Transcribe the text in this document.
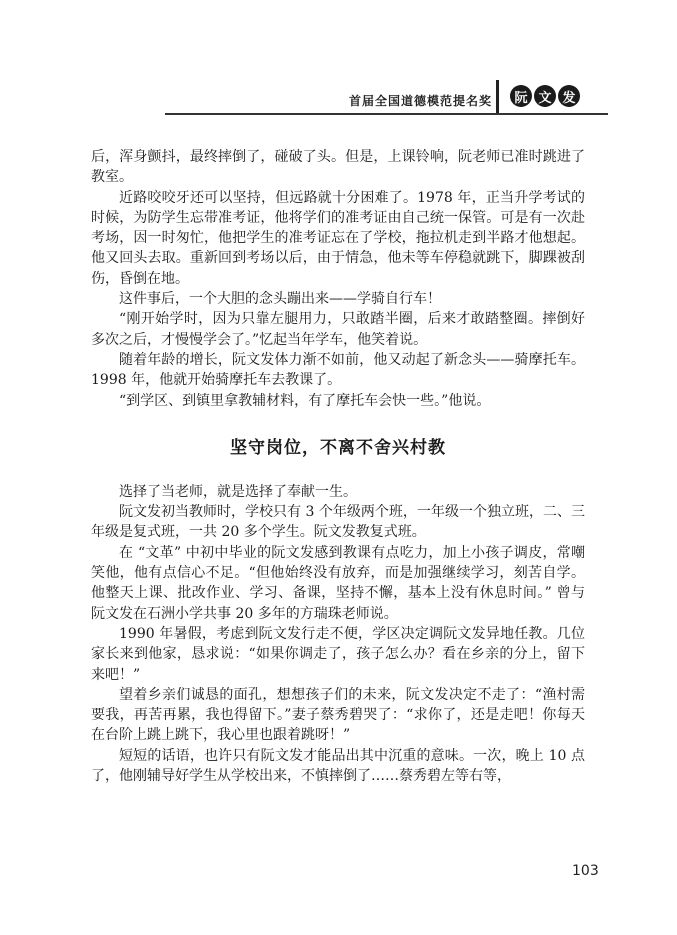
首届全国道德模范提名奖	阮 文 发

后，浑身颤抖，最终摔倒了，碰破了头。但是，上课铃响，阮老师已准时跳进了教室。

近路咬咬牙还可以坚持，但远路就十分困难了。1978 年，正当升学考试的时候，为防学生忘带准考证，他将学们的准考证由自己统一保管。可是有一次赴考场，因一时匆忙，他把学生的准考证忘在了学校，拖拉机走到半路才他想起。他又回头去取。重新回到考场以后，由于情急，他未等车停稳就跳下，脚踝被刮伤，昏倒在地。

这件事后，一个大胆的念头蹦出来——学骑自行车！

“刚开始学时，因为只靠左腿用力，只敢踏半圈，后来才敢踏整圈。摔倒好多次之后，才慢慢学会了。”忆起当年学车，他笑着说。

随着年龄的增长，阮文发体力渐不如前，他又动起了新念头——骑摩托车。1998 年，他就开始骑摩托车去教课了。

“到学区、到镇里拿教辅材料，有了摩托车会快一些。”他说。

坚守岗位，不离不舍兴村教

选择了当老师，就是选择了奉献一生。

阮文发初当教师时，学校只有 3 个年级两个班，一年级一个独立班，二、三年级是复式班，一共 20 多个学生。阮文发教复式班。

在 “文革” 中初中毕业的阮文发感到教课有点吃力，加上小孩子调皮，常嘲笑他，他有点信心不足。“但他始终没有放弃，而是加强继续学习，刻苦自学。他整天上课、批改作业、学习、备课，坚持不懈，基本上没有休息时间。” 曾与阮文发在石洲小学共事 20 多年的方瑞珠老师说。

1990 年暑假，考虑到阮文发行走不便，学区决定调阮文发异地任教。几位家长来到他家，恳求说：“如果你调走了，孩子怎么办？看在乡亲的分上，留下来吧！”

望着乡亲们诚恳的面孔，想想孩子们的未来，阮文发决定不走了：“渔村需要我，再苦再累，我也得留下。”妻子蔡秀碧哭了：“求你了，还是走吧！你每天在台阶上跳上跳下，我心里也跟着跳呀！”

短短的话语，也许只有阮文发才能品出其中沉重的意味。一次，晚上 10 点了，他刚辅导好学生从学校出来，不慎摔倒了……蔡秀碧左等右等，

103
